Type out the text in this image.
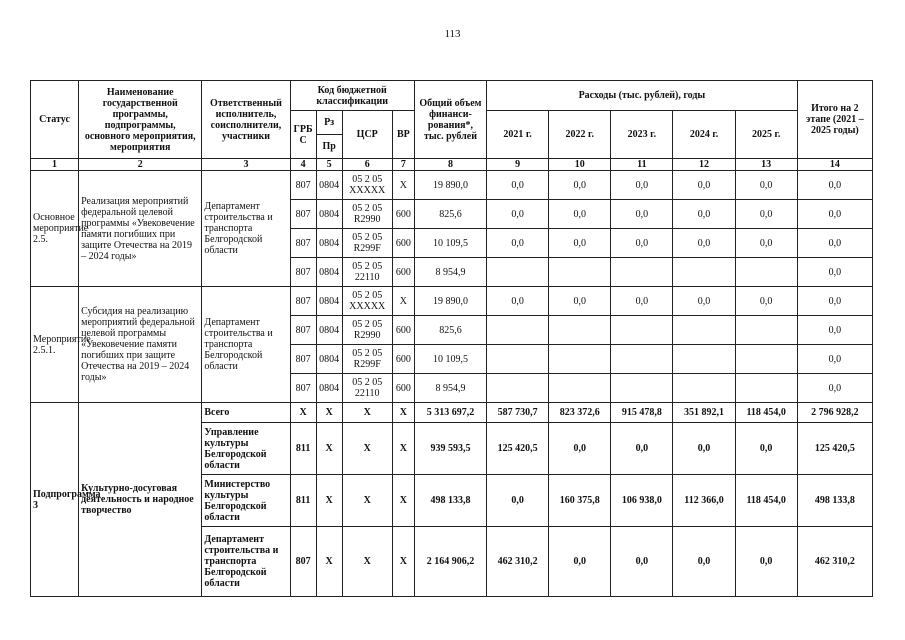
113
Статус	Наименование государственной программы, подпрограммы, основного мероприятия, мероприятия	Ответственный исполнитель, соисполнители, участники	Код бюджетной классификации				Общий объем финанси-рования*, тыс. рублей	Расходы (тыс. рублей), годы					Итого на 2 этапе (2021 – 2025 годы)
			ГРБ С	Рз	ЦСР	ВР		2021 г.	2022 г.	2023 г.	2024 г.	2025 г.	
				Пр									
1	2	3	4	5	6	7	8	9	10	11	12	13	14
Основное мероприятие 2.5.	Реализация мероприятий федеральной целевой программы «Увековечение памяти погибших при защите Отечества на 2019 – 2024 годы»	Департамент строительства и транспорта Белгородской области	807	0804	05 2 05 XXXXX	X	19 890,0	0,0	0,0	0,0	0,0	0,0	0,0
			807	0804	05 2 05 R2990	600	825,6	0,0	0,0	0,0	0,0	0,0	0,0
			807	0804	05 2 05 R299F	600	10 109,5	0,0	0,0	0,0	0,0	0,0	0,0
			807	0804	05 2 05 22110	600	8 954,9						0,0
Мероприятие 2.5.1.	Субсидия на реализацию мероприятий федеральной целевой программы «Увековечение памяти погибших при защите Отечества на 2019 – 2024 годы»	Департамент строительства и транспорта Белгородской области	807	0804	05 2 05 XXXXX	X	19 890,0	0,0	0,0	0,0	0,0	0,0	0,0
			807	0804	05 2 05 R2990	600	825,6						0,0
			807	0804	05 2 05 R299F	600	10 109,5						0,0
			807	0804	05 2 05 22110	600	8 954,9						0,0
Подпрограмма 3	Культурно-досуговая деятельность и народное творчество	Всего	X	X	X	X	5 313 697,2	587 730,7	823 372,6	915 478,8	351 892,1	118 454,0	2 796 928,2
		Управление культуры Белгородской области	811	X	X	X	939 593,5	125 420,5	0,0	0,0	0,0	0,0	125 420,5
		Министерство культуры Белгородской области	811	X	X	X	498 133,8	0,0	160 375,8	106 938,0	112 366,0	118 454,0	498 133,8
		Департамент строительства и транспорта Белгородской области	807	X	X	X	2 164 906,2	462 310,2	0,0	0,0	0,0	0,0	462 310,2
